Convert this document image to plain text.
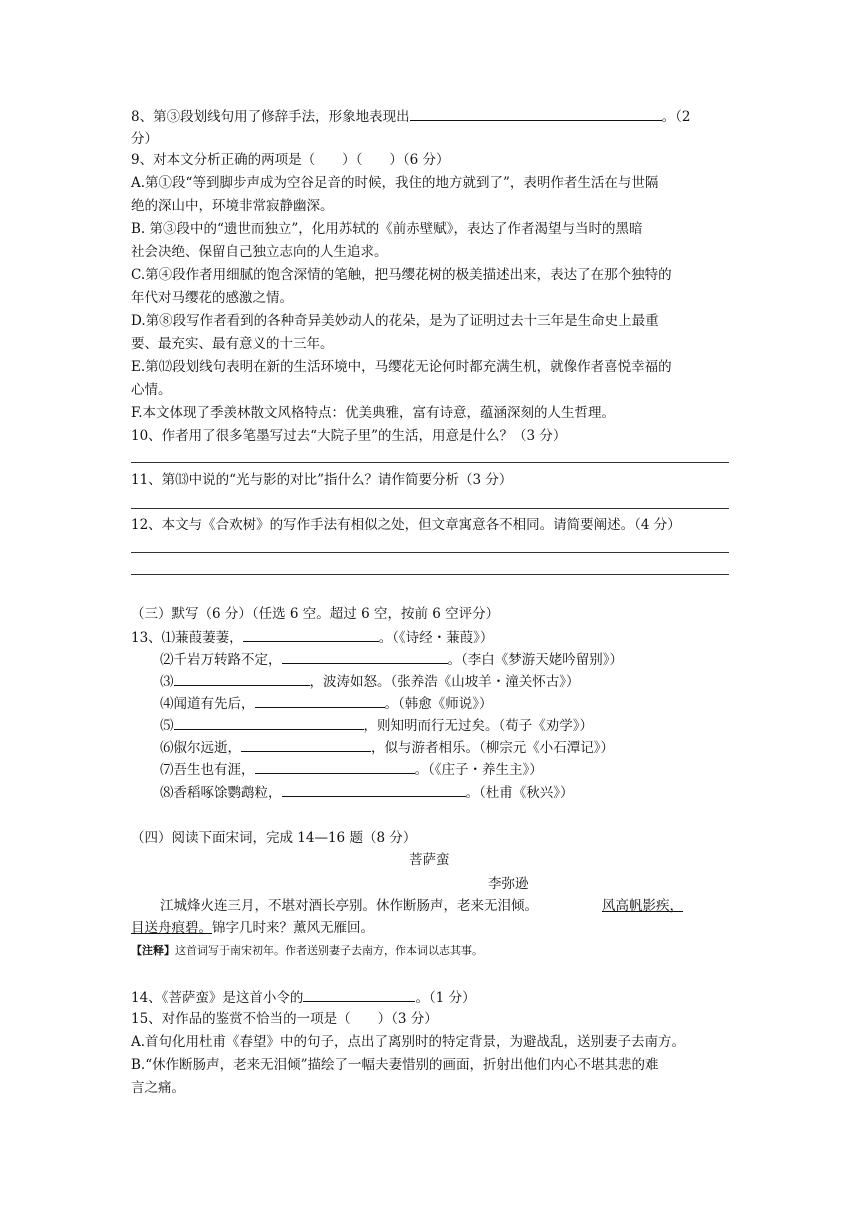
8、第③段划线句用了修辞手法，形象地表现出	。（2
分）
9、对本文分析正确的两项是（　　）（　　）（6 分）
A.第①段“等到脚步声成为空谷足音的时候，我住的地方就到了”，表明作者生活在与世隔
绝的深山中，环境非常寂静幽深。
B. 第③段中的“遗世而独立”，化用苏轼的《前赤壁赋》，表达了作者渴望与当时的黑暗
社会决绝、保留自己独立志向的人生追求。
C.第④段作者用细腻的饱含深情的笔触，把马缨花树的极美描述出来，表达了在那个独特的
年代对马缨花的感激之情。
D.第⑧段写作者看到的各种奇异美妙动人的花朵，是为了证明过去十三年是生命史上最重
要、最充实、最有意义的十三年。
E.第⑿段划线句表明在新的生活环境中，马缨花无论何时都充满生机，就像作者喜悦幸福的
心情。
F.本文体现了季羡林散文风格特点：优美典雅，富有诗意，蕴涵深刻的人生哲理。
10、作者用了很多笔墨写过去“大院子里”的生活，用意是什么？（3 分）
11、第⒀中说的“光与影的对比”指什么？请作简要分析（3 分）
12、本文与《合欢树》的写作手法有相似之处，但文章寓意各不相同。请简要阐述。（4 分）
（三）默写（6 分）（任选 6 空。超过 6 空，按前 6 空评分）
13、⑴蒹葭萋萋，	。（《诗经・蒹葭》）
⑵千岩万转路不定，	。（李白《梦游天姥吟留别》）
⑶	，波涛如怒。（张养浩《山坡羊・潼关怀古》）
⑷闻道有先后，	。（韩愈《师说》）
⑸	，则知明而行无过矣。（荀子《劝学》）
⑹俶尔远逝，	，似与游者相乐。（柳宗元《小石潭记》）
⑺吾生也有涯，	。（《庄子・养生主》）
⑻香稻啄馀鹦鹉粒，	。（杜甫《秋兴》）
（四）阅读下面宋词，完成 14—16 题（8 分）
菩萨蛮
李弥逊
江城烽火连三月，不堪对酒长亭别。休作断肠声，老来无泪倾。	风高帆影疾，
目送舟痕碧。锦字几时来？薰风无雁回。
【注释】这首词写于南宋初年。作者送别妻子去南方，作本词以志其事。
14、《菩萨蛮》是这首小令的	。（1 分）
15、对作品的鉴赏不恰当的一项是（　　）（3 分）
A.首句化用杜甫《春望》中的句子，点出了离别时的特定背景，为避战乱，送别妻子去南方。
B.“休作断肠声，老来无泪倾”描绘了一幅夫妻惜别的画面，折射出他们内心不堪其悲的难
言之痛。
